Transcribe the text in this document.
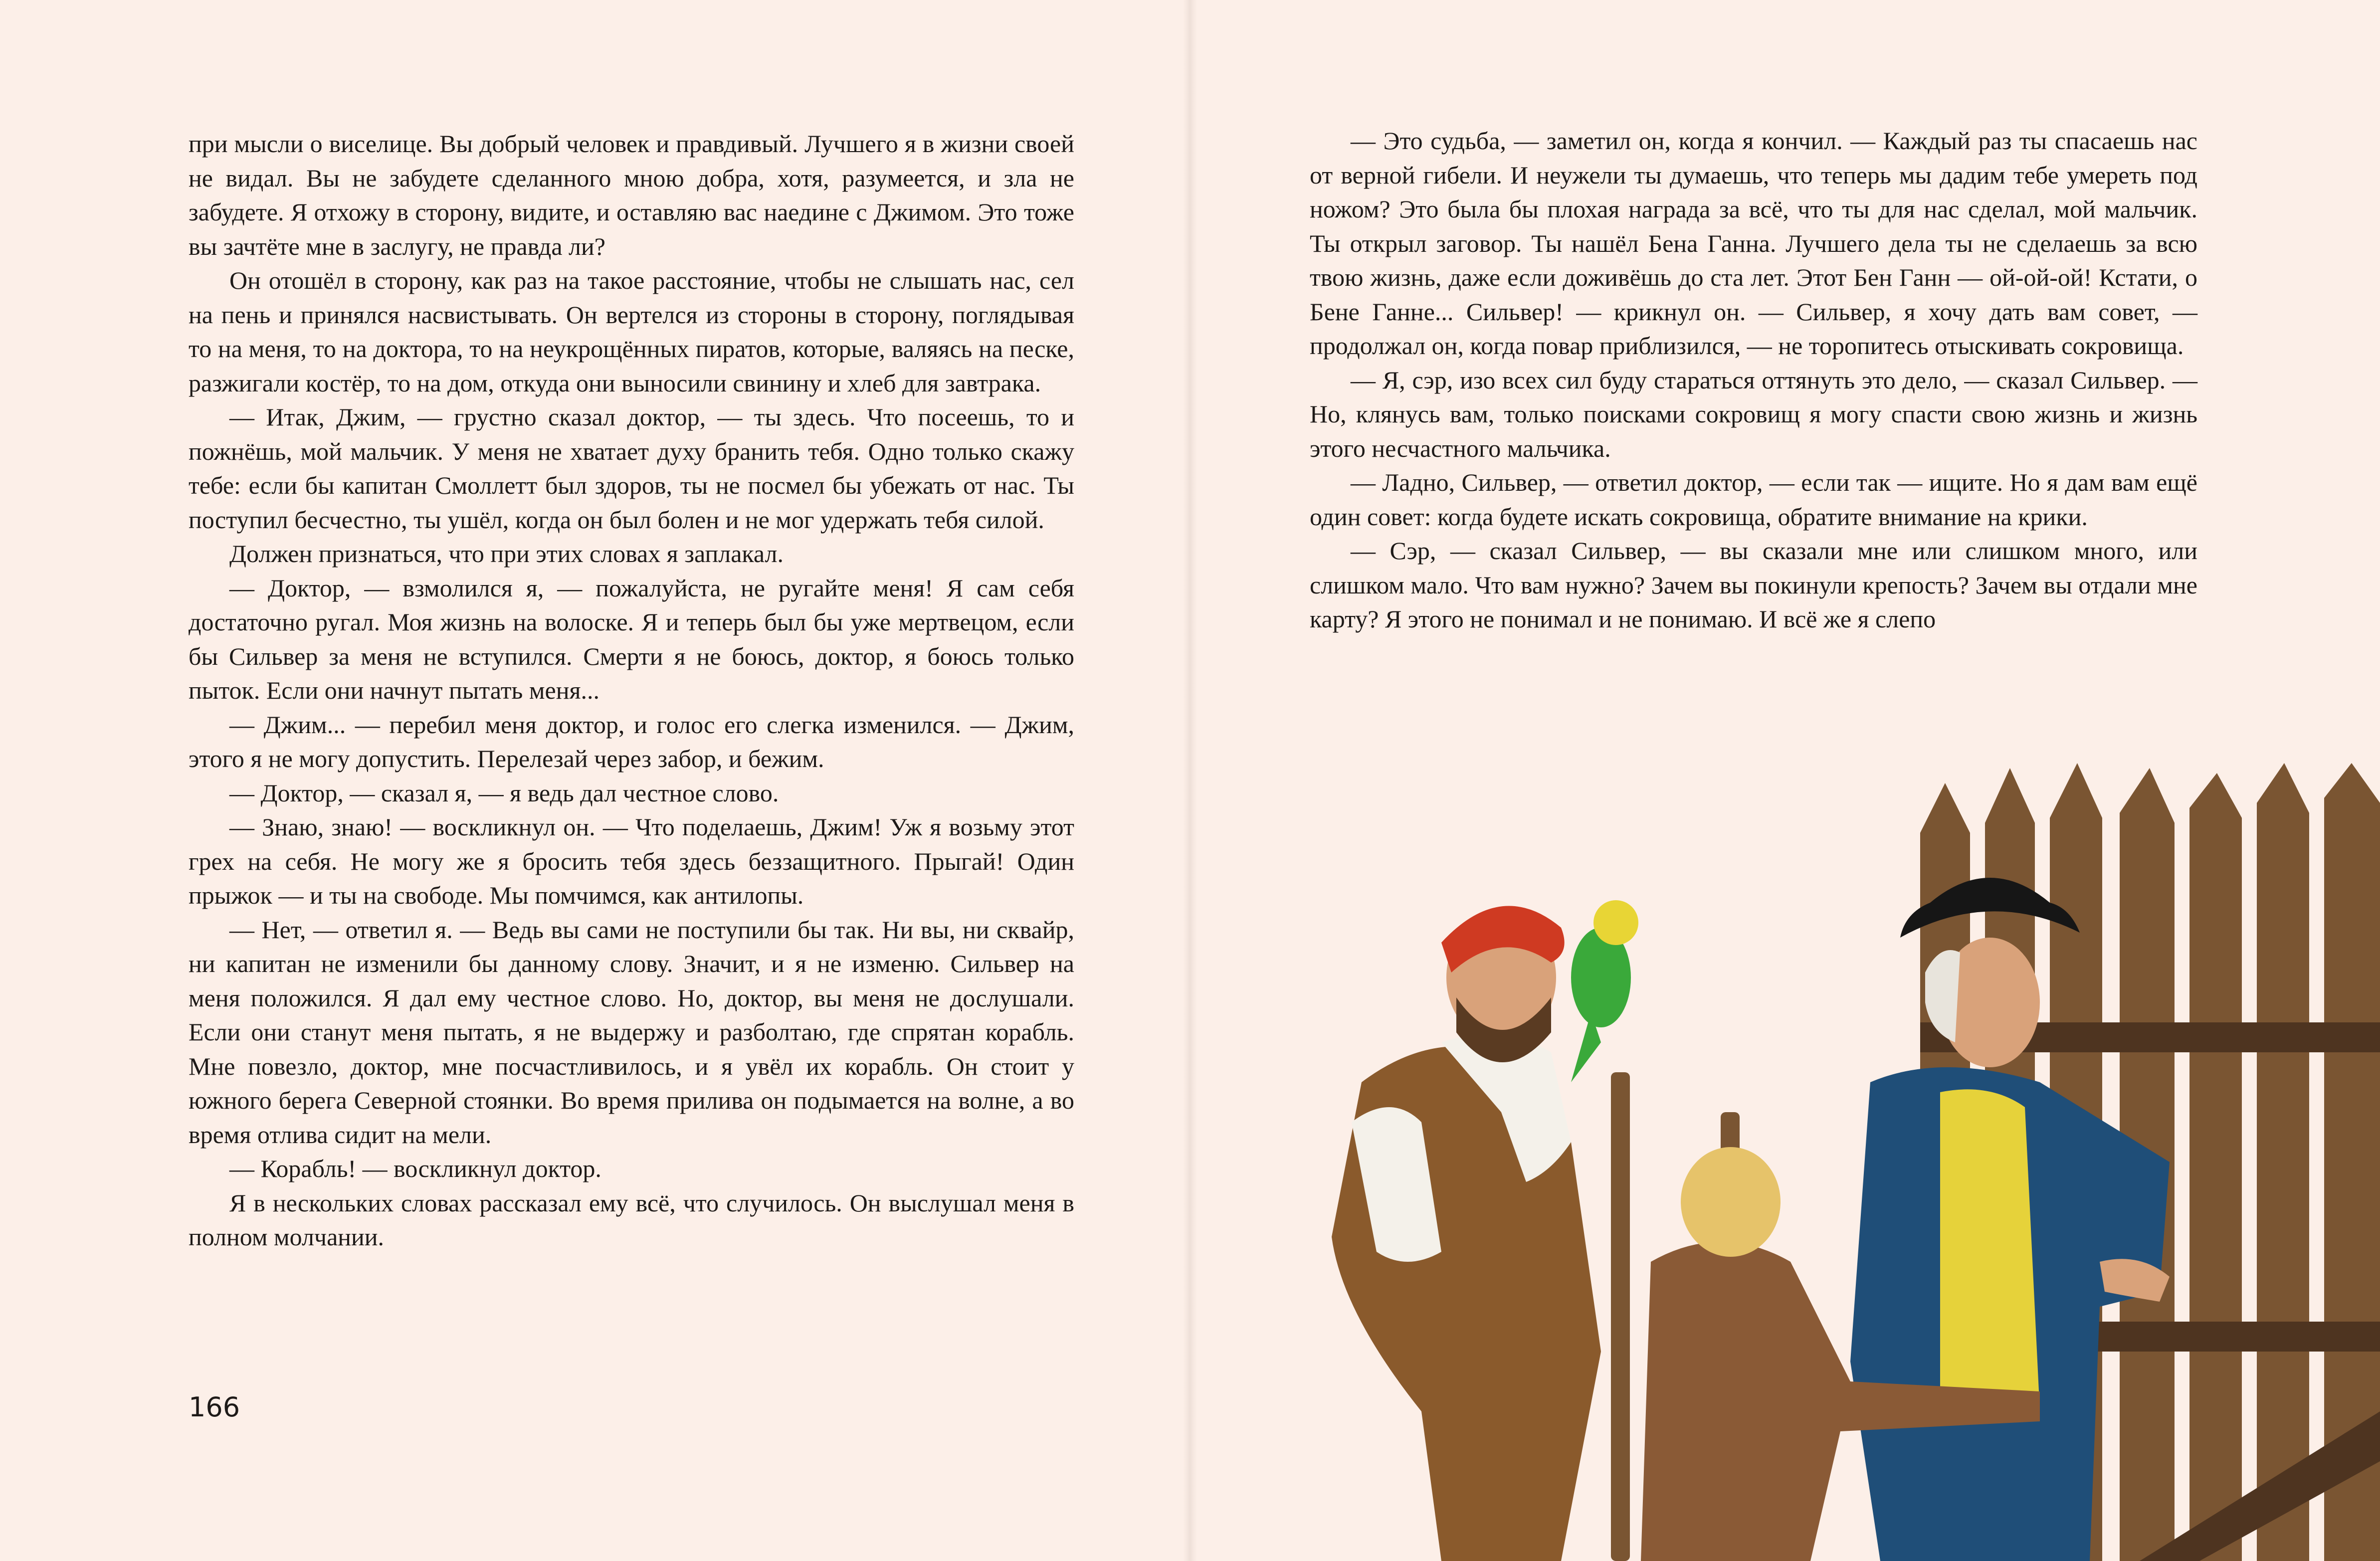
при мысли о виселице. Вы добрый человек и правдивый. Лучшего я в жизни своей не видал. Вы не забудете сделанного мною добра, хотя, разумеется, и зла не забудете. Я отхожу в сторону, видите, и оставляю вас наедине с Джимом. Это тоже вы зачтёте мне в заслугу, не правда ли?

Он отошёл в сторону, как раз на такое расстояние, чтобы не слышать нас, сел на пень и принялся насвистывать. Он вертелся из стороны в сторону, поглядывая то на меня, то на доктора, то на неукрощённых пиратов, которые, валяясь на песке, разжигали костёр, то на дом, откуда они выносили свинину и хлеб для завтрака.

— Итак, Джим, — грустно сказал доктор, — ты здесь. Что посеешь, то и пожнёшь, мой мальчик. У меня не хватает духу бранить тебя. Одно только скажу тебе: если бы капитан Смоллетт был здоров, ты не посмел бы убежать от нас. Ты поступил бесчестно, ты ушёл, когда он был болен и не мог удержать тебя силой.

Должен признаться, что при этих словах я заплакал.

— Доктор, — взмолился я, — пожалуйста, не ругайте меня! Я сам себя достаточно ругал. Моя жизнь на волоске. Я и теперь был бы уже мертвецом, если бы Сильвер за меня не вступился. Смерти я не боюсь, доктор, я боюсь только пыток. Если они начнут пытать меня...

— Джим... — перебил меня доктор, и голос его слегка изменился. — Джим, этого я не могу допустить. Перелезай через забор, и бежим.

— Доктор, — сказал я, — я ведь дал честное слово.

— Знаю, знаю! — воскликнул он. — Что поделаешь, Джим! Уж я возьму этот грех на себя. Не могу же я бросить тебя здесь беззащитного. Прыгай! Один прыжок — и ты на свободе. Мы помчимся, как антилопы.

— Нет, — ответил я. — Ведь вы сами не поступили бы так. Ни вы, ни сквайр, ни капитан не изменили бы данному слову. Значит, и я не изменю. Сильвер на меня положился. Я дал ему честное слово. Но, доктор, вы меня не дослушали. Если они станут меня пытать, я не выдержу и разболтаю, где спрятан корабль. Мне повезло, доктор, мне посчастливилось, и я увёл их корабль. Он стоит у южного берега Северной стоянки. Во время прилива он подымается на волне, а во время отлива сидит на мели.

— Корабль! — воскликнул доктор.

Я в нескольких словах рассказал ему всё, что случилось. Он выслушал меня в полном молчании.

166

— Это судьба, — заметил он, когда я кончил. — Каждый раз ты спасаешь нас от верной гибели. И неужели ты думаешь, что теперь мы дадим тебе умереть под ножом? Это была бы плохая награда за всё, что ты для нас сделал, мой мальчик. Ты открыл заговор. Ты нашёл Бена Ганна. Лучшего дела ты не сделаешь за всю твою жизнь, даже если доживёшь до ста лет. Этот Бен Ганн — ой-ой-ой! Кстати, о Бене Ганне... Сильвер! — крикнул он. — Сильвер, я хочу дать вам совет, — продолжал он, когда повар приблизился, — не торопитесь отыскивать сокровища.

— Я, сэр, изо всех сил буду стараться оттянуть это дело, — сказал Сильвер. — Но, клянусь вам, только поисками сокровищ я могу спасти свою жизнь и жизнь этого несчастного мальчика.

— Ладно, Сильвер, — ответил доктор, — если так — ищите. Но я дам вам ещё один совет: когда будете искать сокровища, обратите внимание на крики.

— Сэр, — сказал Сильвер, — вы сказали мне или слишком много, или слишком мало. Что вам нужно? Зачем вы покинули крепость? Зачем вы отдали мне карту? Я этого не понимал и не понимаю. И всё же я слепо
